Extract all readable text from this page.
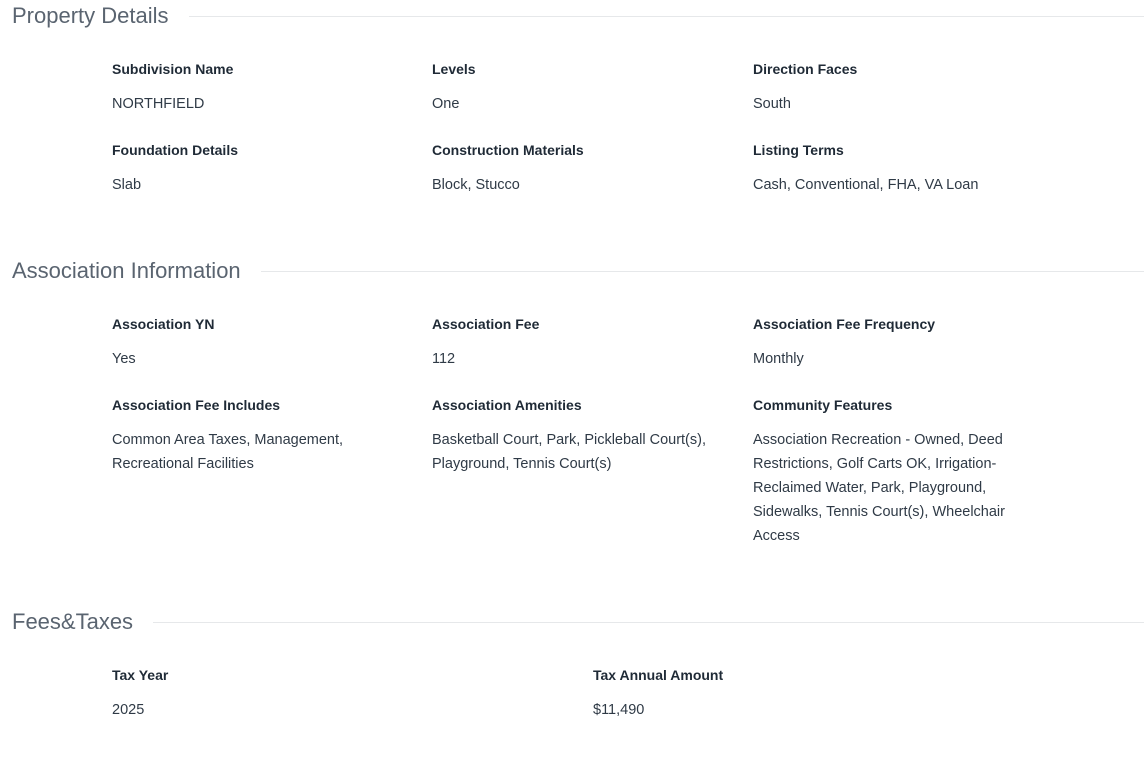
Property Details
Subdivision Name
NORTHFIELD
Levels
One
Direction Faces
South
Foundation Details
Slab
Construction Materials
Block, Stucco
Listing Terms
Cash, Conventional, FHA, VA Loan
Association Information
Association YN
Yes
Association Fee
112
Association Fee Frequency
Monthly
Association Fee Includes
Common Area Taxes, Management, Recreational Facilities
Association Amenities
Basketball Court, Park, Pickleball Court(s), Playground, Tennis Court(s)
Community Features
Association Recreation - Owned, Deed Restrictions, Golf Carts OK, Irrigation-Reclaimed Water, Park, Playground, Sidewalks, Tennis Court(s), Wheelchair Access
Fees&Taxes
Tax Year
2025
Tax Annual Amount
$11,490
